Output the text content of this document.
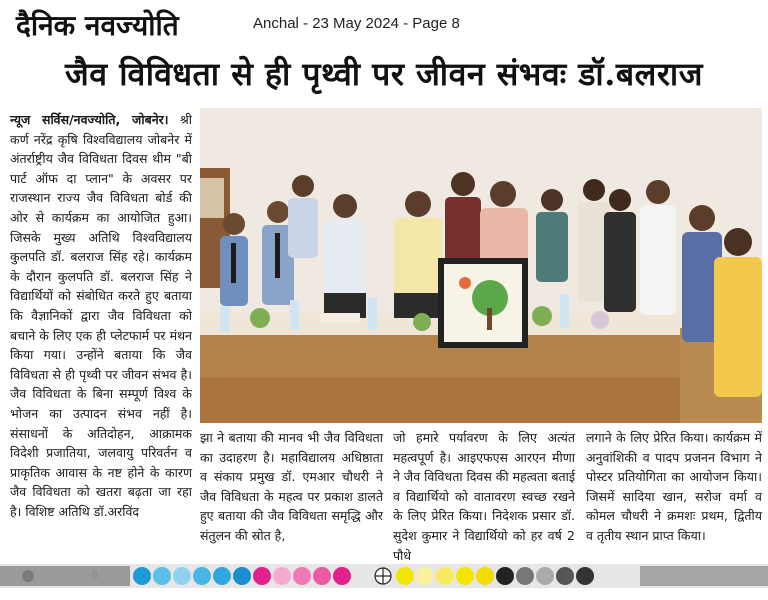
दैनिक नवज्योति	Anchal - 23 May 2024 - Page 8
जैव विविधता से ही पृथ्वी पर जीवन संभवः डॉ.बलराज

न्यूज सर्विस/नवज्योति, जोबनेर। श्री कर्ण नरेंद्र कृषि विश्वविद्यालय जोबनेर में अंतर्राष्ट्रीय जैव विविधता दिवस थीम "बी पार्ट ऑफ दा प्लान" के अवसर पर राजस्थान राज्य जैव विविधता बोर्ड की ओर से कार्यक्रम का आयोजित हुआ। जिसके मुख्य अतिथि विश्वविद्यालय कुलपति डॉ. बलराज सिंह रहे। कार्यक्रम के दौरान कुलपति डॉ. बलराज सिंह ने विद्यार्थियों को संबोधित करते हुए बताया कि वैज्ञानिकों द्वारा जैव विविधता को बचाने के लिए एक ही प्लेटफार्म पर मंथन किया गया। उन्होंने बताया कि जैव विविधता से ही पृथ्वी पर जीवन संभव है। जैव विविधता के बिना सम्पूर्ण विश्व के भोजन का उत्पादन संभव नहीं है। संसाधनों के अतिदोहन, आक्रामक विदेशी प्रजातिया, जलवायु परिवर्तन व प्राकृतिक आवास के नष्ट होने के कारण जैव विविधता को खतरा बढ़ता जा रहा है। विशिष्ट अतिथि डॉ.अरविंद

झा ने बताया की मानव भी जैव विविधता का उदाहरण है। महाविद्यालय अधिष्ठाता व संकाय प्रमुख डॉ. एमआर चौधरी ने जैव विविधता के महत्व पर प्रकाश डालते हुए बताया की जैव विविधता समृद्धि और संतुलन की स्रोत है,
जो हमारे पर्यावरण के लिए अत्यंत महत्वपूर्ण है। आइएफएस आरएन मीणा ने जैव विविधता दिवस की महत्वता बताई व विद्यार्थियो को वातावरण स्वच्छ रखने के लिए प्रेरित किया। निदेशक प्रसार डॉ. सुदेश कुमार ने विद्यार्थियो को हर वर्ष 2 पौधे
लगाने के लिए प्रेरित किया। कार्यक्रम में अनुवांशिकी व पादप प्रजनन विभाग ने पोस्टर प्रतियोगिता का आयोजन किया। जिसमें सादिया खान, सरोज वर्मा व कोमल चौधरी ने क्रमशः प्रथम, द्वितीय व तृतीय स्थान प्राप्त किया।
8
